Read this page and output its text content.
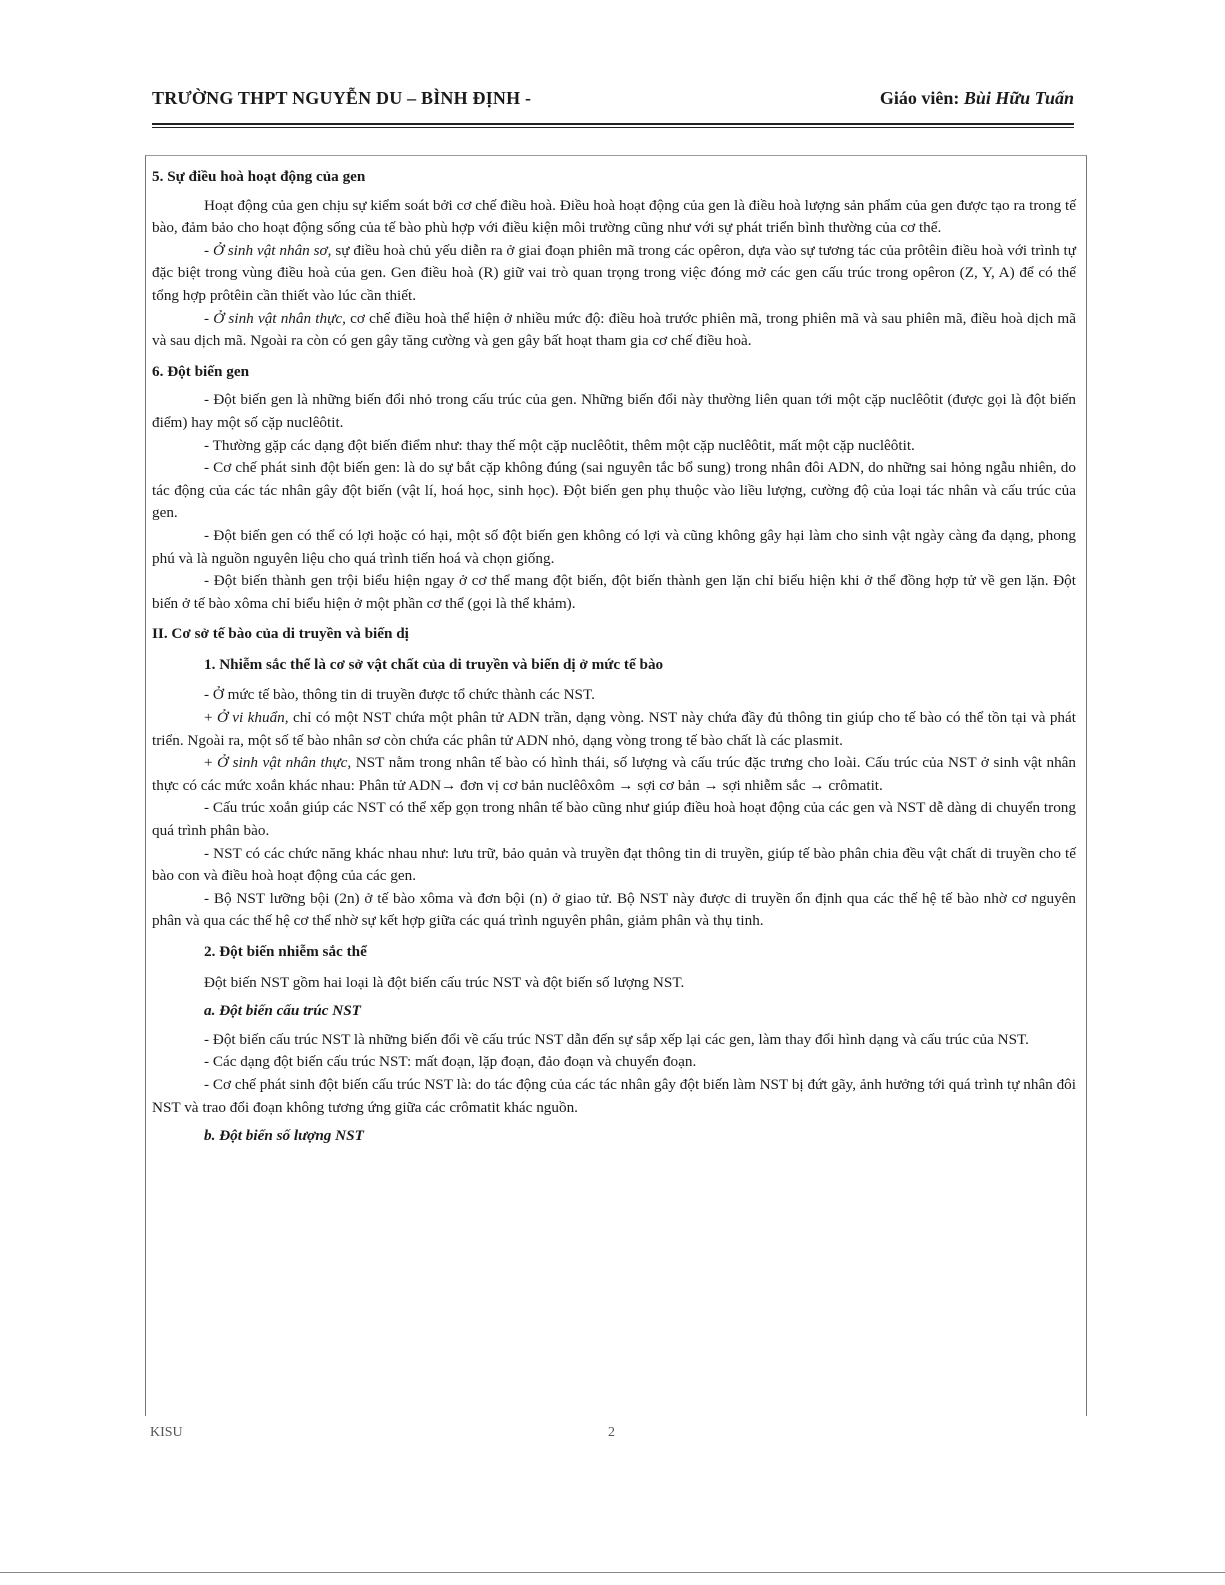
TRƯỜNG THPT NGUYỄN DU – BÌNH ĐỊNH -	Giáo viên: Bùi Hữu Tuấn

5. Sự điều hoà hoạt động của gen

Hoạt động của gen chịu sự kiểm soát bởi cơ chế điều hoà. Điều hoà hoạt động của gen là điều hoà lượng sản phẩm của gen được tạo ra trong tế bào, đảm bảo cho hoạt động sống của tế bào phù hợp với điều kiện môi trường cũng như với sự phát triển bình thường của cơ thể.

- Ở sinh vật nhân sơ, sự điều hoà chủ yếu diễn ra ở giai đoạn phiên mã trong các opêron, dựa vào sự tương tác của prôtêin điều hoà với trình tự đặc biệt trong vùng điều hoà của gen. Gen điều hoà (R) giữ vai trò quan trọng trong việc đóng mở các gen cấu trúc trong opêron (Z, Y, A) để có thể tổng hợp prôtêin cần thiết vào lúc cần thiết.

- Ở sinh vật nhân thực, cơ chế điều hoà thể hiện ở nhiều mức độ: điều hoà trước phiên mã, trong phiên mã và sau phiên mã, điều hoà dịch mã và sau dịch mã. Ngoài ra còn có gen gây tăng cường và gen gây bất hoạt tham gia cơ chế điều hoà.

6. Đột biến gen

- Đột biến gen là những biến đổi nhỏ trong cấu trúc của gen. Những biến đổi này thường liên quan tới một cặp nuclêôtit (được gọi là đột biến điểm) hay một số cặp nuclêôtit.

- Thường gặp các dạng đột biến điểm như: thay thế một cặp nuclêôtit, thêm một cặp nuclêôtit, mất một cặp nuclêôtit.

- Cơ chế phát sinh đột biến gen: là do sự bắt cặp không đúng (sai nguyên tắc bổ sung) trong nhân đôi ADN, do những sai hỏng ngẫu nhiên, do tác động của các tác nhân gây đột biến (vật lí, hoá học, sinh học). Đột biến gen phụ thuộc vào liều lượng, cường độ của loại tác nhân và cấu trúc của gen.

- Đột biến gen có thể có lợi hoặc có hại, một số đột biến gen không có lợi và cũng không gây hại làm cho sinh vật ngày càng đa dạng, phong phú và là nguồn nguyên liệu cho quá trình tiến hoá và chọn giống.

- Đột biến thành gen trội biểu hiện ngay ở cơ thể mang đột biến, đột biến thành gen lặn chỉ biểu hiện khi ở thể đồng hợp tử về gen lặn. Đột biến ở tế bào xôma chỉ biểu hiện ở một phần cơ thể (gọi là thể khảm).

II. Cơ sở tế bào của di truyền và biến dị

1. Nhiễm sắc thể là cơ sở vật chất của di truyền và biến dị ở mức tế bào

- Ở mức tế bào, thông tin di truyền được tổ chức thành các NST.

+ Ở vi khuẩn, chỉ có một NST chứa một phân tử ADN trần, dạng vòng. NST này chứa đầy đủ thông tin giúp cho tế bào có thể tồn tại và phát triển. Ngoài ra, một số tế bào nhân sơ còn chứa các phân tử ADN nhỏ, dạng vòng trong tế bào chất là các plasmit.

+ Ở sinh vật nhân thực, NST nằm trong nhân tế bào có hình thái, số lượng và cấu trúc đặc trưng cho loài. Cấu trúc của NST ở sinh vật nhân thực có các mức xoắn khác nhau: Phân tử ADN→ đơn vị cơ bản nuclêôxôm → sợi cơ bản → sợi nhiễm sắc → crômatit.

- Cấu trúc xoắn giúp các NST có thể xếp gọn trong nhân tế bào cũng như giúp điều hoà hoạt động của các gen và NST dễ dàng di chuyển trong quá trình phân bào.

- NST có các chức năng khác nhau như: lưu trữ, bảo quản và truyền đạt thông tin di truyền, giúp tế bào phân chia đều vật chất di truyền cho tế bào con và điều hoà hoạt động của các gen.

- Bộ NST lưỡng bội (2n) ở tế bào xôma và đơn bội (n) ở giao tử. Bộ NST này được di truyền ổn định qua các thế hệ tế bào nhờ cơ nguyên phân và qua các thế hệ cơ thể nhờ sự kết hợp giữa các quá trình nguyên phân, giảm phân và thụ tinh.

2. Đột biến nhiễm sắc thể

Đột biến NST gồm hai loại là đột biến cấu trúc NST và đột biến số lượng NST.

a. Đột biến cấu trúc NST

- Đột biến cấu trúc NST là những biến đổi về cấu trúc NST dẫn đến sự sắp xếp lại các gen, làm thay đổi hình dạng và cấu trúc của NST.

- Các dạng đột biến cấu trúc NST: mất đoạn, lặp đoạn, đảo đoạn và chuyển đoạn.

- Cơ chế phát sinh đột biến cấu trúc NST là: do tác động của các tác nhân gây đột biến làm NST bị đứt gãy, ảnh hưởng tới quá trình tự nhân đôi NST và trao đổi đoạn không tương ứng giữa các crômatit khác nguồn.

b. Đột biến số lượng NST

KISU	2
